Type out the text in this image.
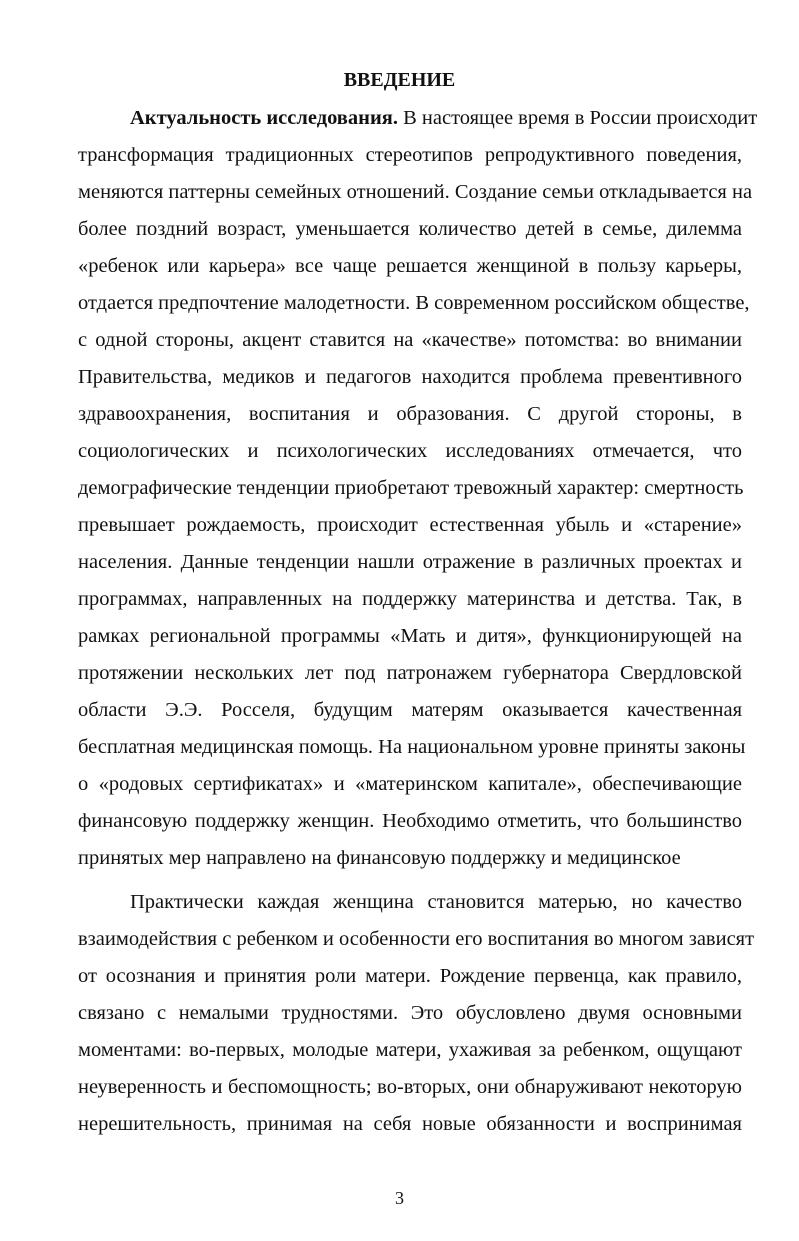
ВВЕДЕНИЕ

Актуальность исследования. В настоящее время в России происходит
трансформация традиционных стереотипов репродуктивного поведения,
меняются паттерны семейных отношений. Создание семьи откладывается на
более поздний возраст, уменьшается количество детей в семье, дилемма
«ребенок или карьера» все чаще решается женщиной в пользу карьеры,
отдается предпочтение малодетности. В современном российском обществе,
с одной стороны, акцент ставится на «качестве» потомства: во внимании
Правительства, медиков и педагогов находится проблема превентивного
здравоохранения, воспитания и образования. С другой стороны, в
социологических и психологических исследованиях отмечается, что
демографические тенденции приобретают тревожный характер: смертность
превышает рождаемость, происходит естественная убыль и «старение»
населения. Данные тенденции нашли отражение в различных проектах и
программах, направленных на поддержку материнства и детства. Так, в
рамках региональной программы «Мать и дитя», функционирующей на
протяжении нескольких лет под патронажем губернатора Свердловской
области Э.Э. Росселя, будущим матерям оказывается качественная
бесплатная медицинская помощь. На национальном уровне приняты законы
о «родовых сертификатах» и «материнском капитале», обеспечивающие
финансовую поддержку женщин. Необходимо отметить, что большинство
принятых мер направлено на финансовую поддержку и медицинское

Практически каждая женщина становится матерью, но качество
взаимодействия с ребенком и особенности его воспитания во многом зависят
от осознания и принятия роли матери. Рождение первенца, как правило,
связано с немалыми трудностями. Это обусловлено двумя основными
моментами: во-первых, молодые матери, ухаживая за ребенком, ощущают
неуверенность и беспомощность; во-вторых, они обнаруживают некоторую
нерешительность, принимая на себя новые обязанности и воспринимая

3
